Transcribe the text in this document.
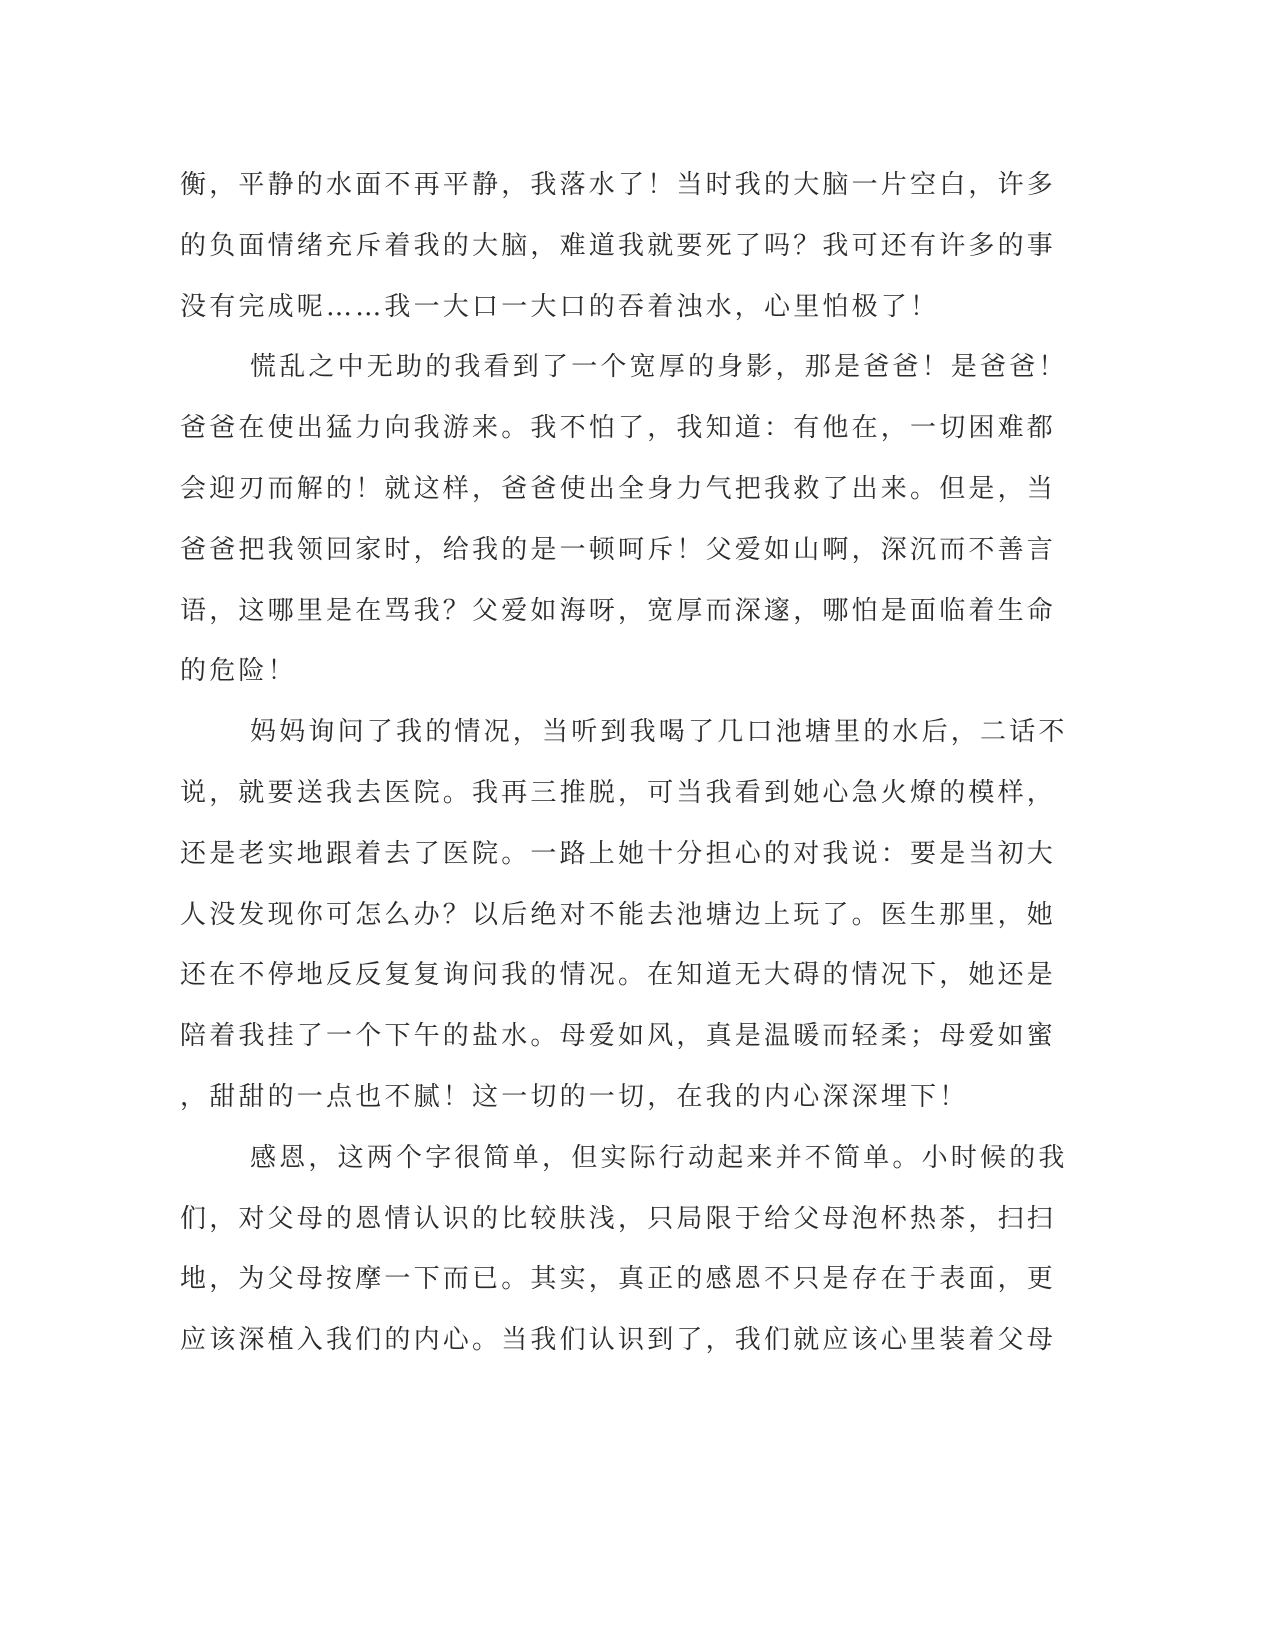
衡，平静的水面不再平静，我落水了！当时我的大脑一片空白，许多
的负面情绪充斥着我的大脑，难道我就要死了吗？我可还有许多的事
没有完成呢……我一大口一大口的吞着浊水，心里怕极了！
慌乱之中无助的我看到了一个宽厚的身影，那是爸爸！是爸爸！
爸爸在使出猛力向我游来。我不怕了，我知道：有他在，一切困难都
会迎刃而解的！就这样，爸爸使出全身力气把我救了出来。但是，当
爸爸把我领回家时，给我的是一顿呵斥！父爱如山啊，深沉而不善言
语，这哪里是在骂我？父爱如海呀，宽厚而深邃，哪怕是面临着生命
的危险！
妈妈询问了我的情况，当听到我喝了几口池塘里的水后，二话不
说，就要送我去医院。我再三推脱，可当我看到她心急火燎的模样，
还是老实地跟着去了医院。一路上她十分担心的对我说：要是当初大
人没发现你可怎么办？以后绝对不能去池塘边上玩了。医生那里，她
还在不停地反反复复询问我的情况。在知道无大碍的情况下，她还是
陪着我挂了一个下午的盐水。母爱如风，真是温暖而轻柔；母爱如蜜
，甜甜的一点也不腻！这一切的一切，在我的内心深深埋下！
感恩，这两个字很简单，但实际行动起来并不简单。小时候的我
们，对父母的恩情认识的比较肤浅，只局限于给父母泡杯热茶，扫扫
地，为父母按摩一下而已。其实，真正的感恩不只是存在于表面，更
应该深植入我们的内心。当我们认识到了，我们就应该心里装着父母
